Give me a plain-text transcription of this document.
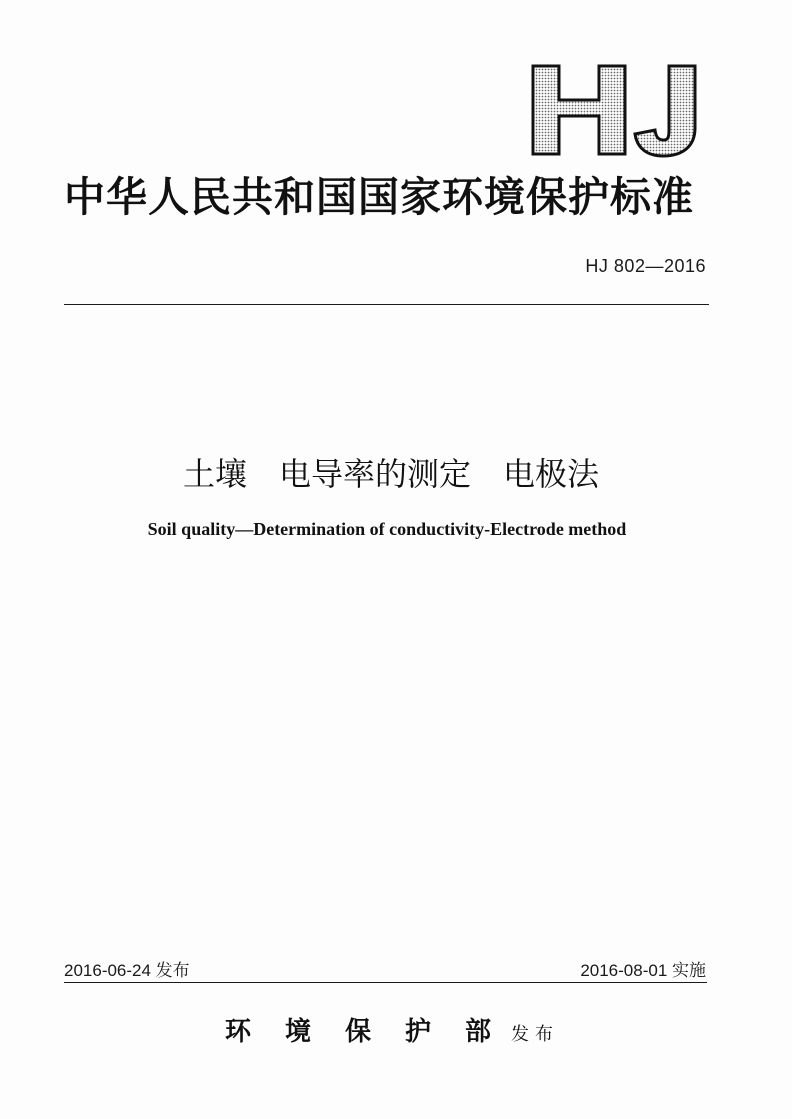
中华人民共和国国家环境保护标准
HJ 802—2016
土壤　电导率的测定　电极法
Soil quality—Determination of conductivity-Electrode method
2016-06-24 发布	2016-08-01 实施
环境保护部发布
